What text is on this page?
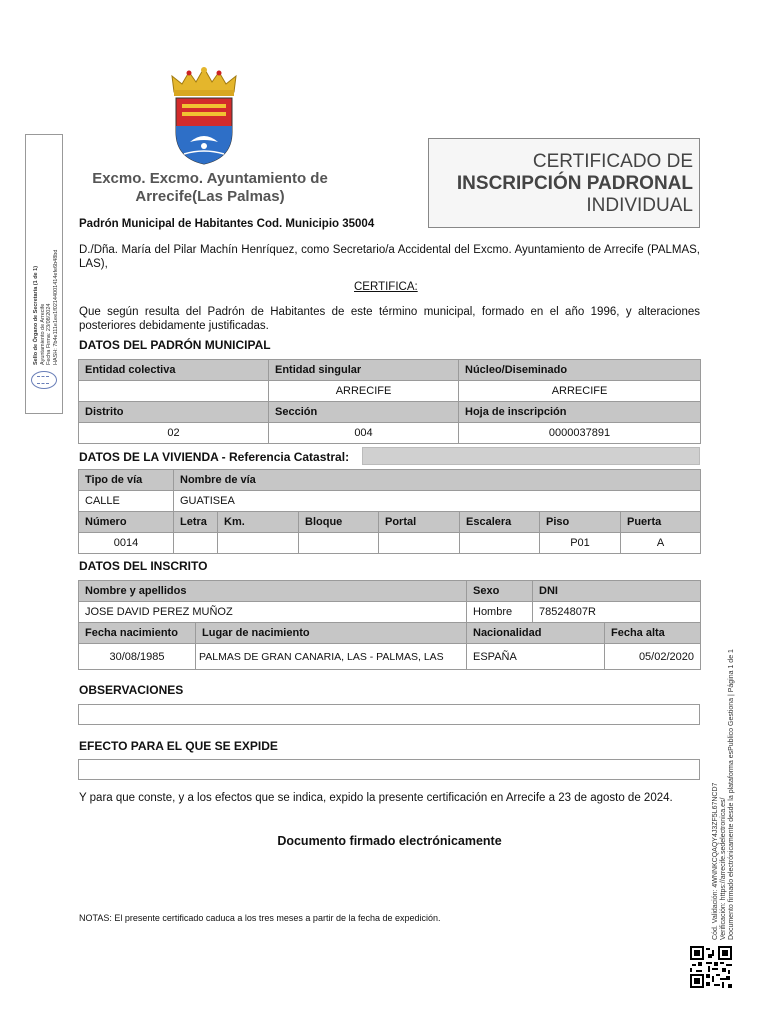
Excmo. Excmo. Ayuntamiento de
Arrecife(Las Palmas)
CERTIFICADO DE
INSCRIPCIÓN PADRONAL
INDIVIDUAL
Sello de Órgano de Secretaría (1 de 1) Ayuntamiento de Arrecife Fecha Firma: 23/08/2024 HASH: 7b4e111e1ee1f02144001414efe6b48bd
Cód. Validación: 4WNNKCQAQY4J3ZF5L67NCD7 Verificación: https://arrecife.sedelectronica.es/ Documento firmado electrónicamente desde la plataforma esPublico Gestiona | Página 1 de 1
Padrón Municipal de Habitantes Cod. Municipio 35004
D./Dña. María del Pilar Machín Henríquez, como Secretario/a Accidental del Excmo. Ayuntamiento de Arrecife (PALMAS, LAS),
CERTIFICA:
Que según resulta del Padrón de Habitantes de este término municipal, formado en el año 1996, y alteraciones posteriores debidamente justificadas.
DATOS DEL PADRÓN MUNICIPAL
Entidad colectiva	Entidad singular	Núcleo/Diseminado
	ARRECIFE	ARRECIFE
Distrito	Sección	Hoja de inscripción
02	004	0000037891
DATOS DE LA VIVIENDA - Referencia Catastral:
Tipo de vía	Nombre de vía
CALLE	GUATISEA
Número	Letra	Km.	Bloque	Portal	Escalera	Piso	Puerta
0014						P01	A
DATOS DEL INSCRITO
Nombre y apellidos	Sexo	DNI
JOSE DAVID PEREZ MUÑOZ	Hombre	78524807R
Fecha nacimiento	Lugar de nacimiento	Nacionalidad	Fecha alta
30/08/1985	PALMAS DE GRAN CANARIA, LAS - PALMAS, LAS	ESPAÑA	05/02/2020
OBSERVACIONES
EFECTO PARA EL QUE SE EXPIDE
Y para que conste, y a los efectos que se indica, expido la presente certificación en Arrecife a 23 de agosto de 2024.
Documento firmado electrónicamente
NOTAS: El presente certificado caduca a los tres meses a partir de la fecha de expedición.
